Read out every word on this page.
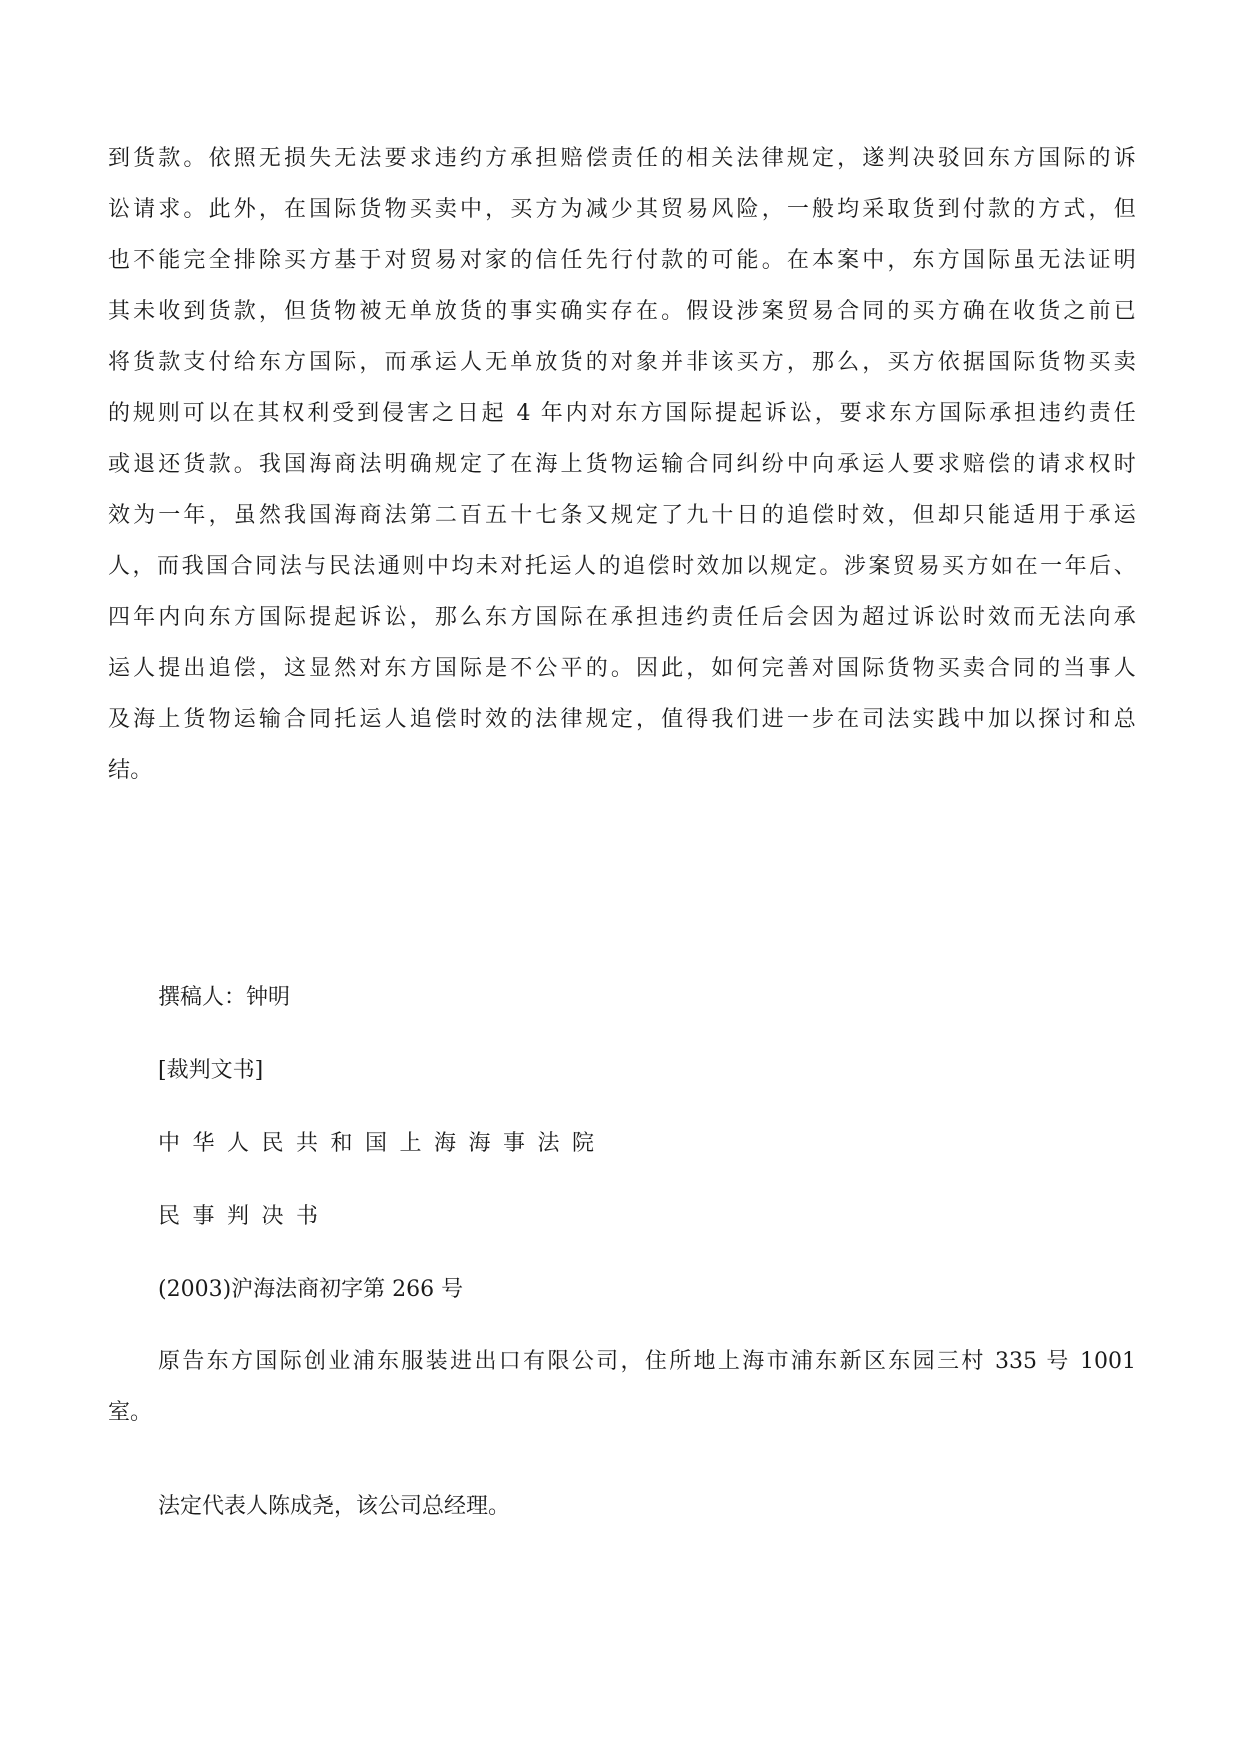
到货款。依照无损失无法要求违约方承担赔偿责任的相关法律规定，遂判决驳回东方国际的诉
讼请求。此外，在国际货物买卖中，买方为减少其贸易风险，一般均采取货到付款的方式，但
也不能完全排除买方基于对贸易对家的信任先行付款的可能。在本案中，东方国际虽无法证明
其未收到货款，但货物被无单放货的事实确实存在。假设涉案贸易合同的买方确在收货之前已
将货款支付给东方国际，而承运人无单放货的对象并非该买方，那么，买方依据国际货物买卖
的规则可以在其权利受到侵害之日起 4 年内对东方国际提起诉讼，要求东方国际承担违约责任
或退还货款。我国海商法明确规定了在海上货物运输合同纠纷中向承运人要求赔偿的请求权时
效为一年，虽然我国海商法第二百五十七条又规定了九十日的追偿时效，但却只能适用于承运
人，而我国合同法与民法通则中均未对托运人的追偿时效加以规定。涉案贸易买方如在一年后、
四年内向东方国际提起诉讼，那么东方国际在承担违约责任后会因为超过诉讼时效而无法向承
运人提出追偿，这显然对东方国际是不公平的。因此，如何完善对国际货物买卖合同的当事人
及海上货物运输合同托运人追偿时效的法律规定，值得我们进一步在司法实践中加以探讨和总
结。

撰稿人：钟明

[裁判文书]

中华人民共和国上海海事法院

民事判决书

(2003)沪海法商初字第 266 号

原告东方国际创业浦东服装进出口有限公司，住所地上海市浦东新区东园三村 335 号 1001
室。

法定代表人陈成尧，该公司总经理。
